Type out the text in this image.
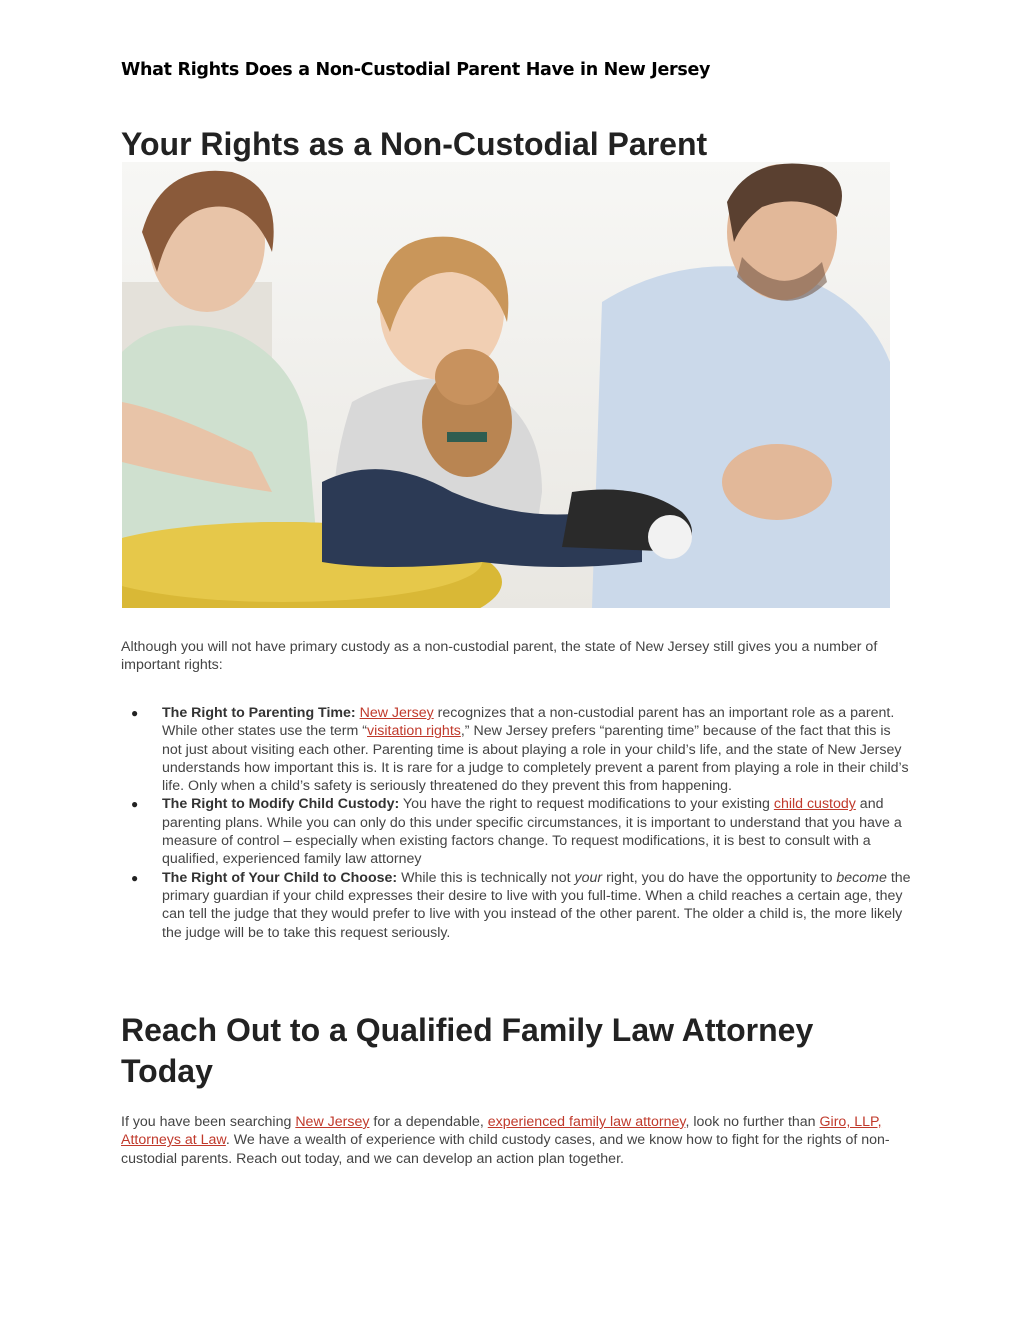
What Rights Does a Non-Custodial Parent Have in New Jersey
Your Rights as a Non-Custodial Parent

Although you will not have primary custody as a non-custodial parent, the state of New Jersey still gives you a number of important rights:

● The Right to Parenting Time: New Jersey recognizes that a non-custodial parent has an important role as a parent. While other states use the term “visitation rights,” New Jersey prefers “parenting time” because of the fact that this is not just about visiting each other. Parenting time is about playing a role in your child’s life, and the state of New Jersey understands how important this is. It is rare for a judge to completely prevent a parent from playing a role in their child’s life. Only when a child’s safety is seriously threatened do they prevent this from happening.
● The Right to Modify Child Custody: You have the right to request modifications to your existing child custody and parenting plans. While you can only do this under specific circumstances, it is important to understand that you have a measure of control – especially when existing factors change. To request modifications, it is best to consult with a qualified, experienced family law attorney
● The Right of Your Child to Choose: While this is technically not your right, you do have the opportunity to become the primary guardian if your child expresses their desire to live with you full-time. When a child reaches a certain age, they can tell the judge that they would prefer to live with you instead of the other parent. The older a child is, the more likely the judge will be to take this request seriously.
Reach Out to a Qualified Family Law Attorney Today

If you have been searching New Jersey for a dependable, experienced family law attorney, look no further than Giro, LLP, Attorneys at Law. We have a wealth of experience with child custody cases, and we know how to fight for the rights of non-custodial parents. Reach out today, and we can develop an action plan together.
